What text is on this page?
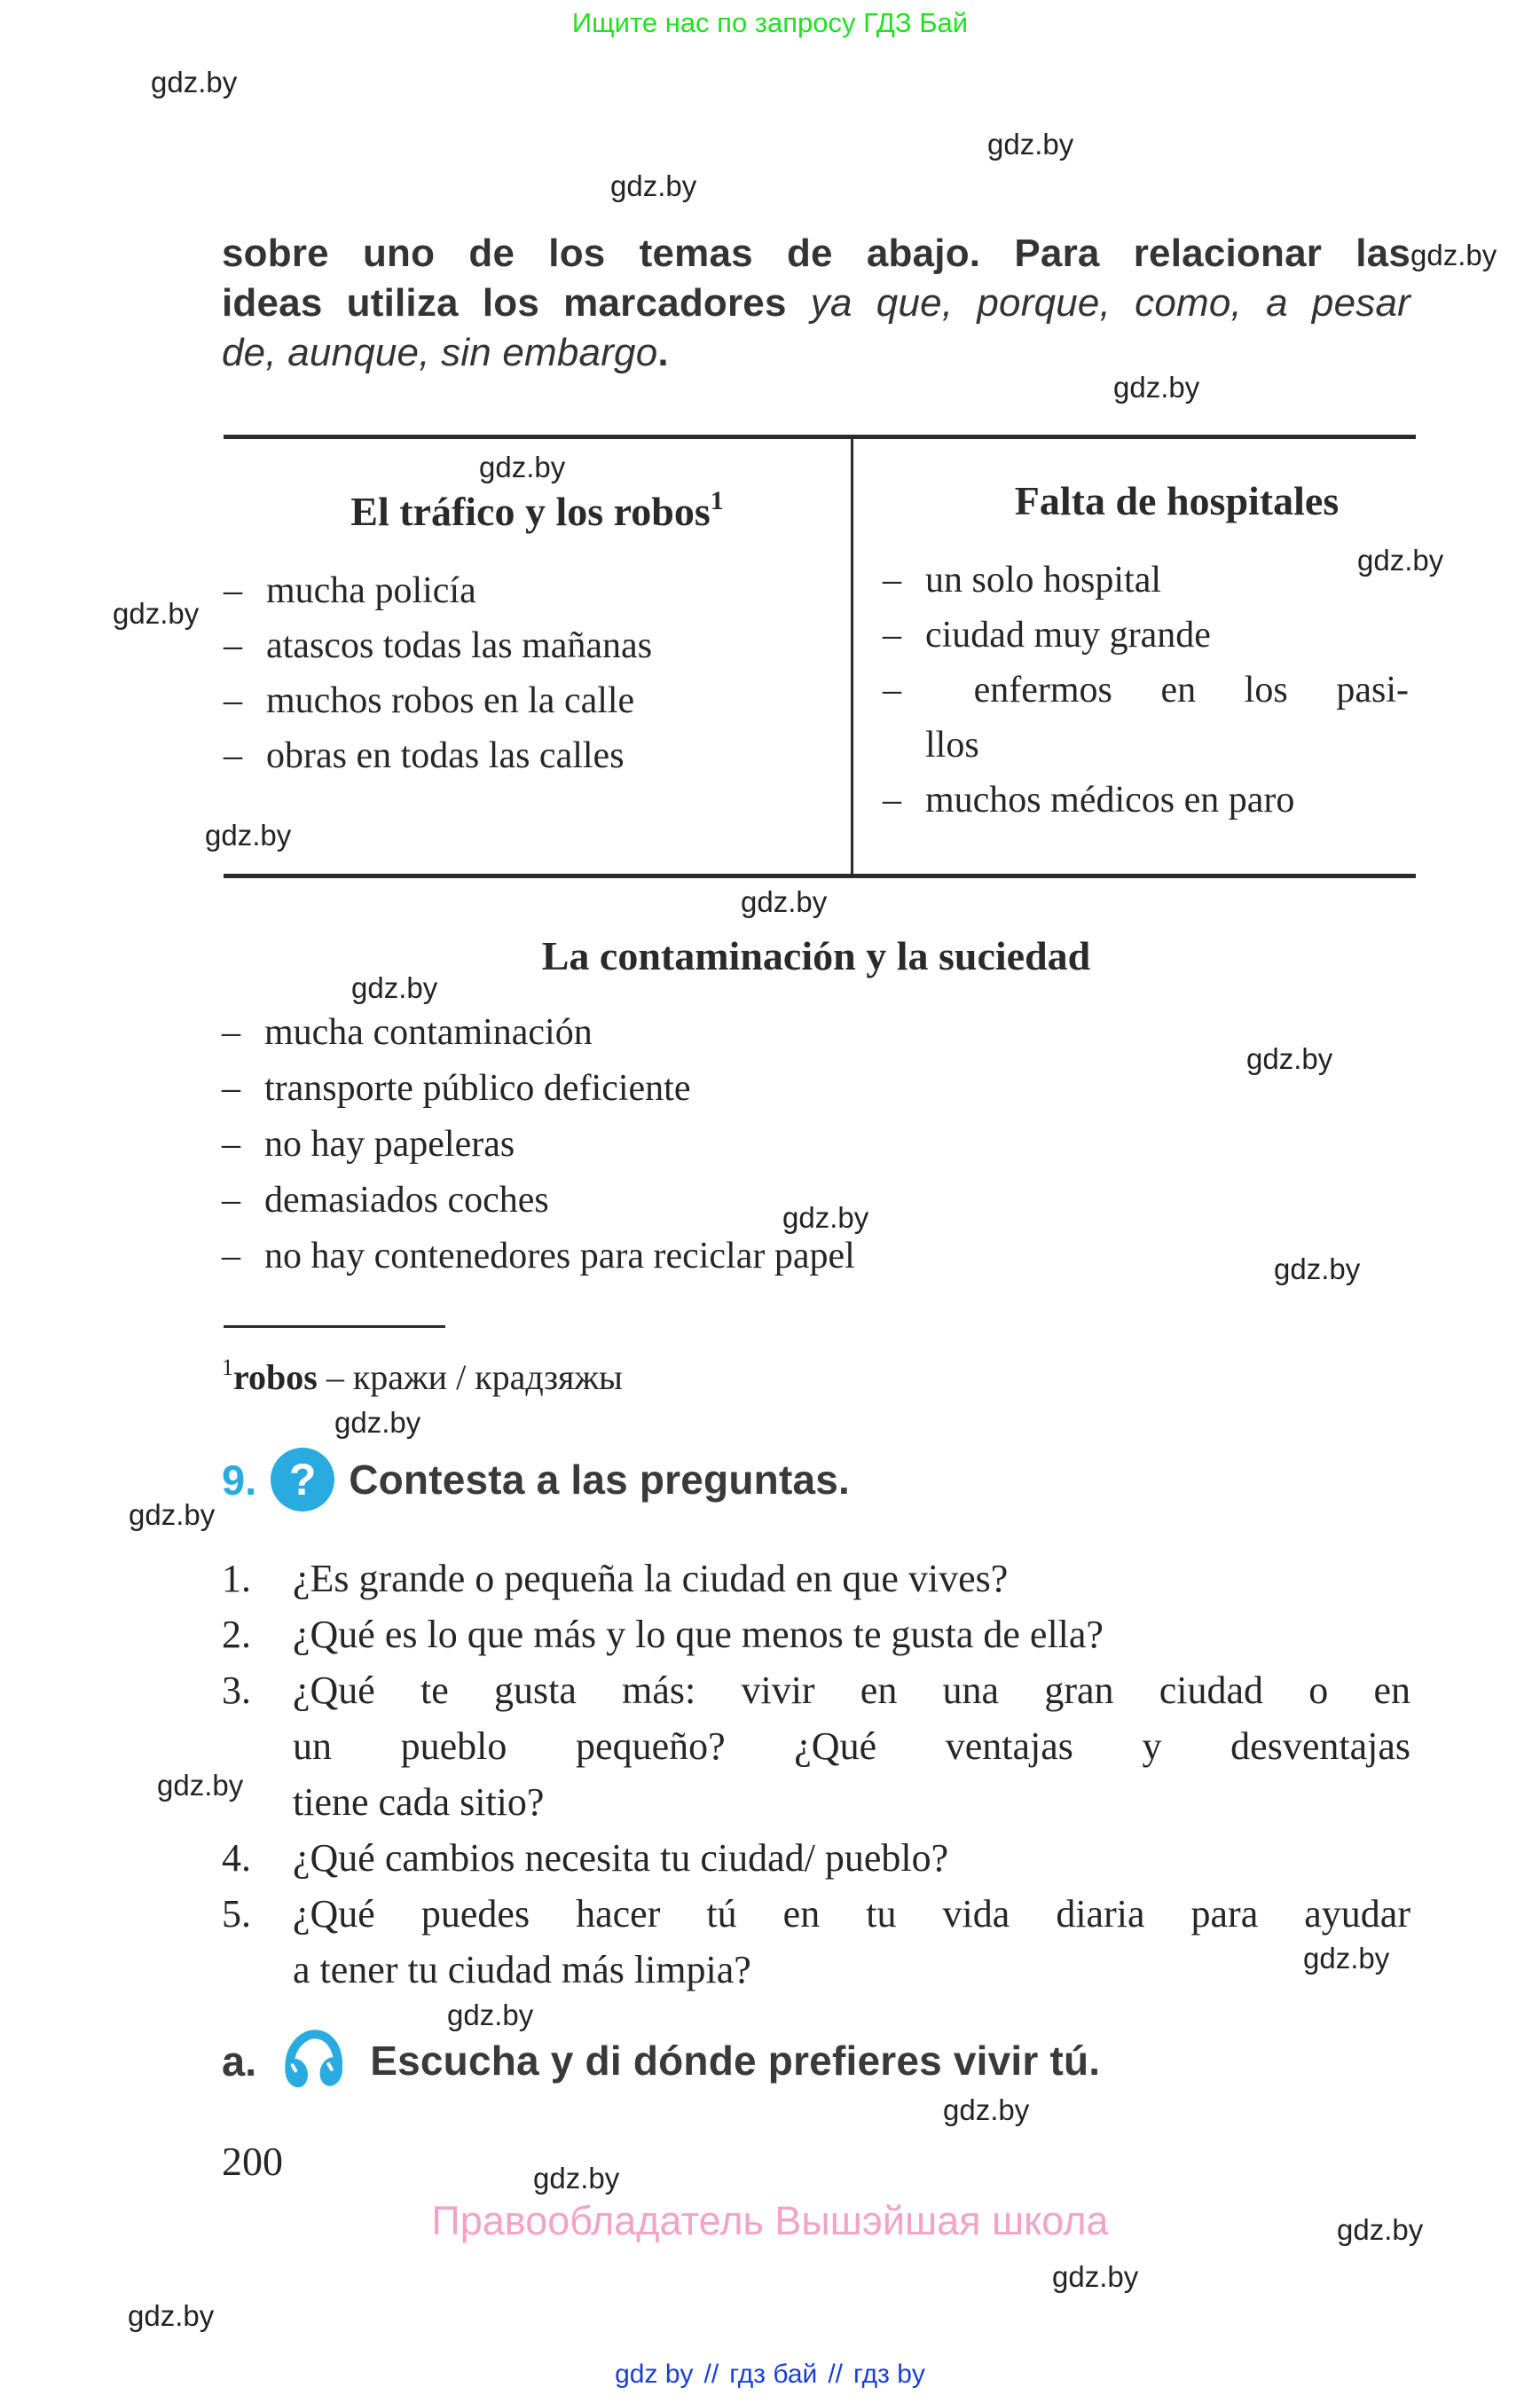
Ищите нас по запросу ГДЗ Бай
gdz.by
gdz.by
gdz.by
gdz.by
gdz.by
gdz.by
gdz.by
gdz.by
gdz.by
gdz.by
gdz.by
gdz.by
gdz.by
gdz.by
gdz.by
gdz.by
gdz.by
gdz.by
gdz.by
gdz.by
gdz.by
gdz.by
gdz.by
gdz.by
sobre uno de los temas de abajo. Para relacionar las
ideas utiliza los marcadores ya que, porque, como, a pesar
de, aunque, sin embargo.
El tráfico y los robos$^1$
– mucha policía
– atascos todas las mañanas
– muchos robos en la calle
– obras en todas las calles
Falta de hospitales
– un solo hospital
– ciudad muy grande
– enfermos en los pasi-
llos
– muchos médicos en paro
La contaminación y la suciedad
– mucha contaminación
– transporte público deficiente
– no hay papeleras
– demasiados coches
– no hay contenedores para reciclar papel
$^1$robos – кражи / крадзяжы
9. ? Contesta a las preguntas.
1.	¿Es grande o pequeña la ciudad en que vives?
2.	¿Qué es lo que más y lo que menos te gusta de ella?
3.	¿Qué te gusta más: vivir en una gran ciudad o en
un pueblo pequeño? ¿Qué ventajas y desventajas
tiene cada sitio?
4.	¿Qué cambios necesita tu ciudad/ pueblo?
5.	¿Qué puedes hacer tú en tu vida diaria para ayudar
a tener tu ciudad más limpia?
a.	Escucha y di dónde prefieres vivir tú.
200
Правообладатель Вышэйшая школа
gdz by // гдз бай // гдз by
